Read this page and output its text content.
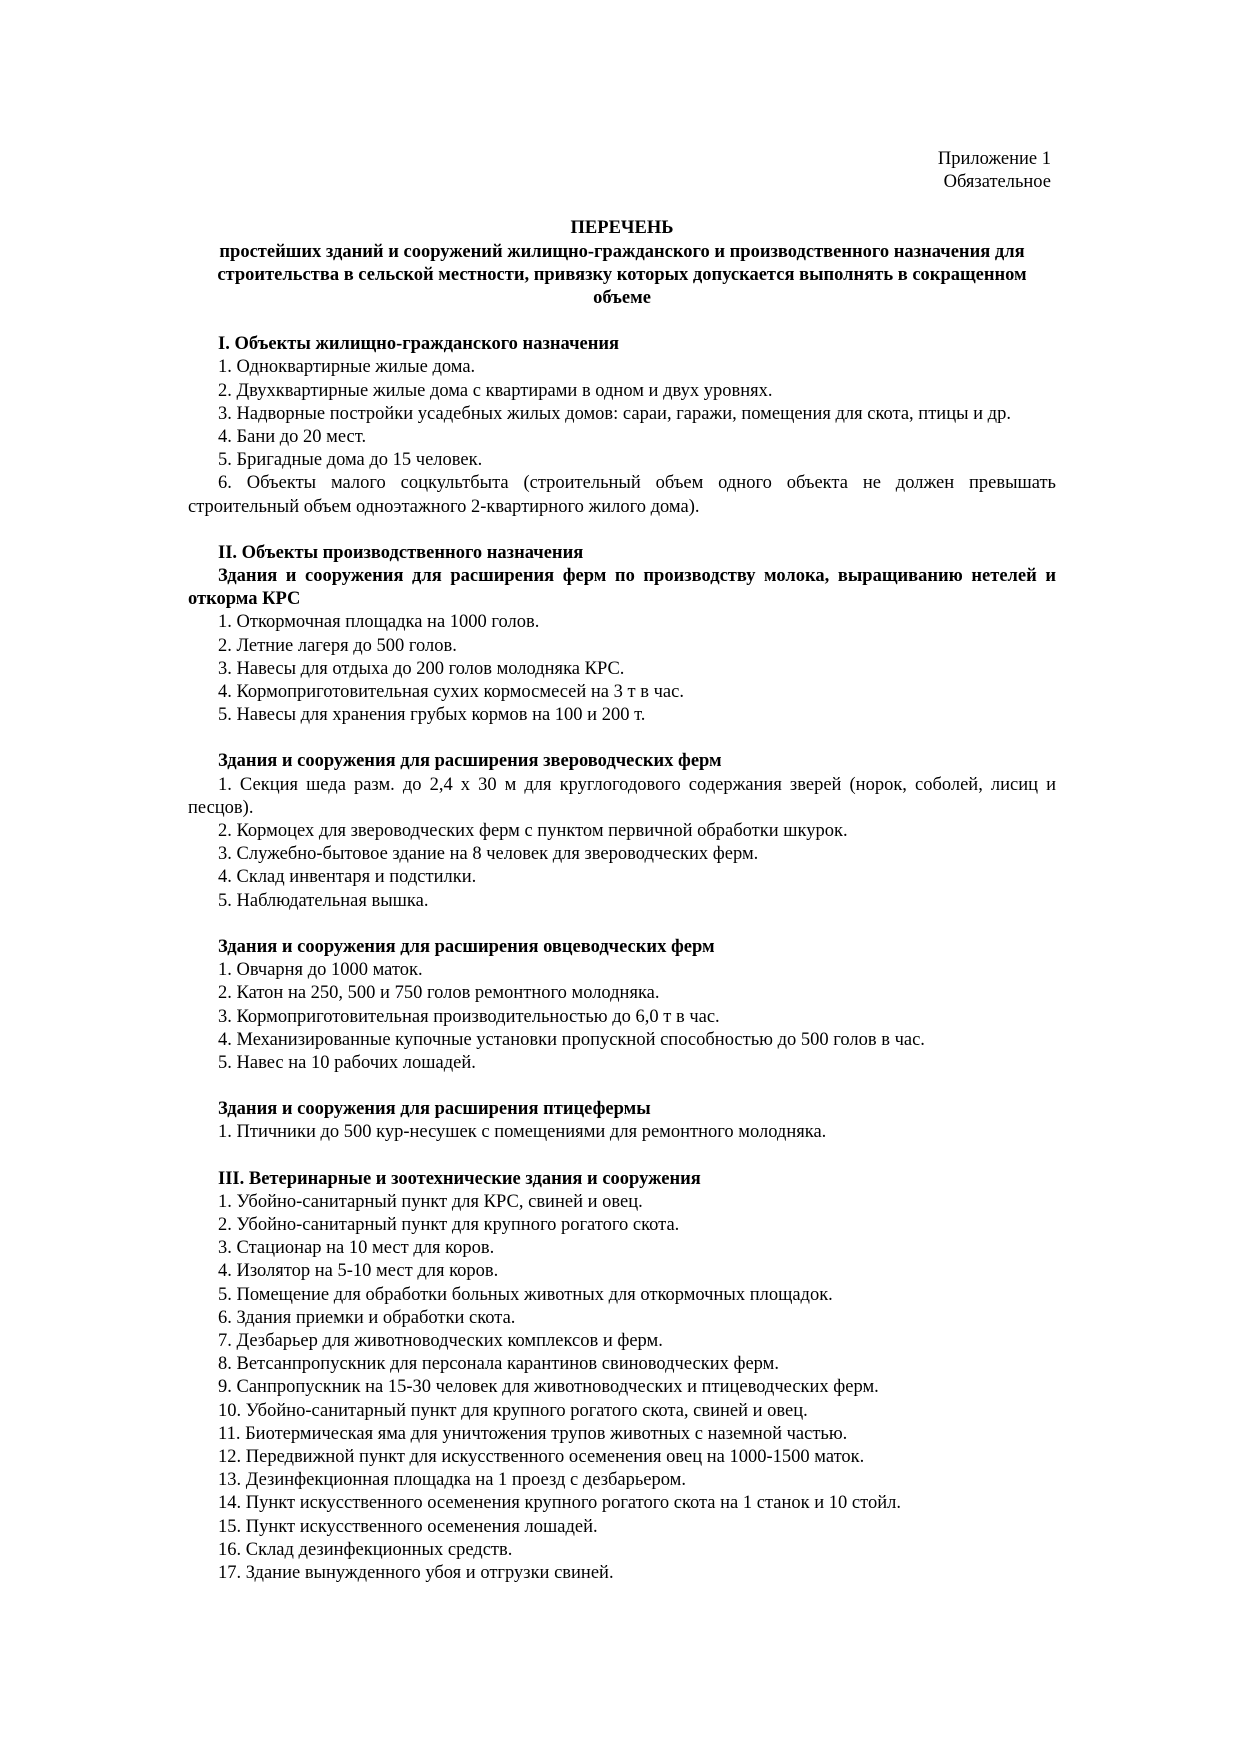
Приложение 1
Обязательное
ПЕРЕЧЕНЬ
простейших зданий и сооружений жилищно-гражданского и производственного назначения для строительства в сельской местности, привязку которых допускается выполнять в сокращенном объеме
I. Объекты жилищно-гражданского назначения
1. Одноквартирные жилые дома.
2. Двухквартирные жилые дома с квартирами в одном и двух уровнях.
3. Надворные постройки усадебных жилых домов: сараи, гаражи, помещения для скота, птицы и др.
4. Бани до 20 мест.
5. Бригадные дома до 15 человек.
6. Объекты малого соцкультбыта (строительный объем одного объекта не должен превышать строительный объем одноэтажного 2-квартирного жилого дома).
II. Объекты производственного назначения
Здания и сооружения для расширения ферм по производству молока, выращиванию нетелей и откорма КРС
1. Откормочная площадка на 1000 голов.
2. Летние лагеря до 500 голов.
3. Навесы для отдыха до 200 голов молодняка КРС.
4. Кормоприготовительная сухих кормосмесей на 3 т в час.
5. Навесы для хранения грубых кормов на 100 и 200 т.
Здания и сооружения для расширения звероводческих ферм
1. Секция шеда разм. до 2,4 х 30 м для круглогодового содержания зверей (норок, соболей, лисиц и песцов).
2. Кормоцех для звероводческих ферм с пунктом первичной обработки шкурок.
3. Служебно-бытовое здание на 8 человек для звероводческих ферм.
4. Склад инвентаря и подстилки.
5. Наблюдательная вышка.
Здания и сооружения для расширения овцеводческих ферм
1. Овчарня до 1000 маток.
2. Катон на 250, 500 и 750 голов ремонтного молодняка.
3. Кормоприготовительная производительностью до 6,0 т в час.
4. Механизированные купочные установки пропускной способностью до 500 голов в час.
5. Навес на 10 рабочих лошадей.
Здания и сооружения для расширения птицефермы
1. Птичники до 500 кур-несушек с помещениями для ремонтного молодняка.
III. Ветеринарные и зоотехнические здания и сооружения
1. Убойно-санитарный пункт для КРС, свиней и овец.
2. Убойно-санитарный пункт для крупного рогатого скота.
3. Стационар на 10 мест для коров.
4. Изолятор на 5-10 мест для коров.
5. Помещение для обработки больных животных для откормочных площадок.
6. Здания приемки и обработки скота.
7. Дезбарьер для животноводческих комплексов и ферм.
8. Ветсанпропускник для персонала карантинов свиноводческих ферм.
9. Санпропускник на 15-30 человек для животноводческих и птицеводческих ферм.
10. Убойно-санитарный пункт для крупного рогатого скота, свиней и овец.
11. Биотермическая яма для уничтожения трупов животных с наземной частью.
12. Передвижной пункт для искусственного осеменения овец на 1000-1500 маток.
13. Дезинфекционная площадка на 1 проезд с дезбарьером.
14. Пункт искусственного осеменения крупного рогатого скота на 1 станок и 10 стойл.
15. Пункт искусственного осеменения лошадей.
16. Склад дезинфекционных средств.
17. Здание вынужденного убоя и отгрузки свиней.
